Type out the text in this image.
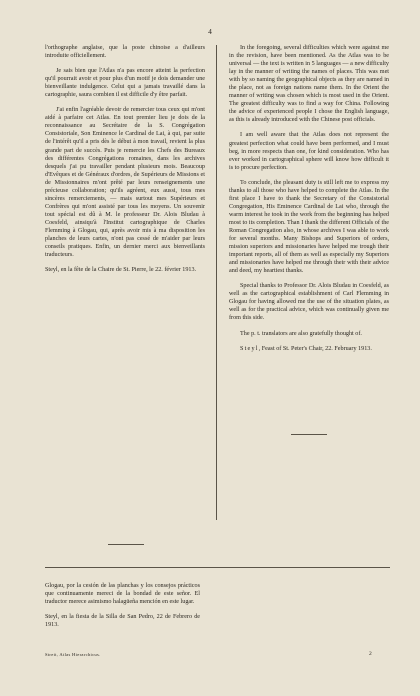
4

l'orthographe anglaise, que la poste chinoise a d'ailleurs introduite officiellement.

Je sais bien que l'Atlas n'a pas encore atteint la perfection qu'il pourrait avoir et pour plus d'un motif je dois demander une bienveillante indulgence. Celui qui a jamais travaillé dans la cartographie, saura combien il est difficile d'y être parfait.

J'ai enfin l'agréable devoir de remercier tous ceux qui m'ont aidé à parfaire cet Atlas. En tout premier lieu je dois de la reconnaissance au Secrétaire de la S. Congrégation Consistoriale, Son Eminence le Cardinal de Lai, à qui, par suite de l'intérêt qu'il a pris dès le début à mon travail, revient la plus grande part de succès. Puis je remercie les Chefs des Bureaux des différentes Congrégations romaines, dans les archives desquels j'ai pu travailler pendant plusieurs mois. Beaucoup d'Evêques et de Généraux d'ordres, de Supérieurs de Missions et de Missionnaires m'ont prêté par leurs renseignements une précieuse collaboration; qu'ils agréent, eux aussi, tous mes sincères remerciements, — mais surtout mes Supérieurs et Confrères qui m'ont assisté par tous les moyens. Un souvenir tout spécial est dû à M. le professeur Dr. Alois Bludau à Coesfeld, ainsiqu'à l'Institut cartographique de Charles Flemming à Glogau, qui, après avoir mis à ma disposition les planches de leurs cartes, n'ont pas cessé de m'aider par leurs conseils pratiques. Enfin, un dernier merci aux bienveillants traducteurs.

Steyl, en la fête de la Chaire de St. Pierre, le 22. février 1913.

In the foregoing, several difficulties which were against me in the revision, have been mentioned. As the Atlas was to be universal — the text is written in 5 languages — a new difficulty lay in the manner of writing the names of places. This was met with by so naming the geographical objects as they are named in the place, not as foreign nations name them. In the Orient the manner of writing was chosen which is most used in the Orient. The greatest difficulty was to find a way for China. Following the advice of experienced people I chose the English language, as this is already introduced with the Chinese post officials.

I am well aware that the Atlas does not represent the greatest perfection what could have been performed, and I must beg, in more respects than one, for kind consideration. Who has ever worked in cartographical sphere will know how difficult it is to procure perfection.

To conclude, the pleasant duty is still left me to express my thanks to all those who have helped to complete the Atlas. In the first place I have to thank the Secretary of the Consistorial Congregation, His Eminence Cardinal de Lai who, through the warm interest he took in the work from the beginning has helped most to its completion. Than I thank the different Officials of the Roman Congregation also, in whose archives I was able to work for several months. Many Bishops and Superiors of orders, mission superiors and missionaries have helped me trough their important reports, all of them as well as especially my Superiors and missionaries have helped me through their with their advice and deed, my heartiest thanks.

Special thanks to Professor Dr. Alois Bludau in Coesfeld, as well as the cartographical establishment of Carl Flemming in Glogau for having allowed me the use of the situation plates, as well as for the practical advice, which was continually given me from this side.

The p. t. translators are also gratefully thought of.

Steyl, Feast of St. Peter's Chair, 22. February 1913.

Glogau, por la cesión de las planchas y los consejos prácticos que continuamente mereci de la bondad de este señor. El traductor merece asimismo halagüeña mención en este lugar.

Steyl, en la fiesta de la Silla de San Pedro, 22 de Febrero de 1913.

Streit, Atlas Hierarchicus.	2
